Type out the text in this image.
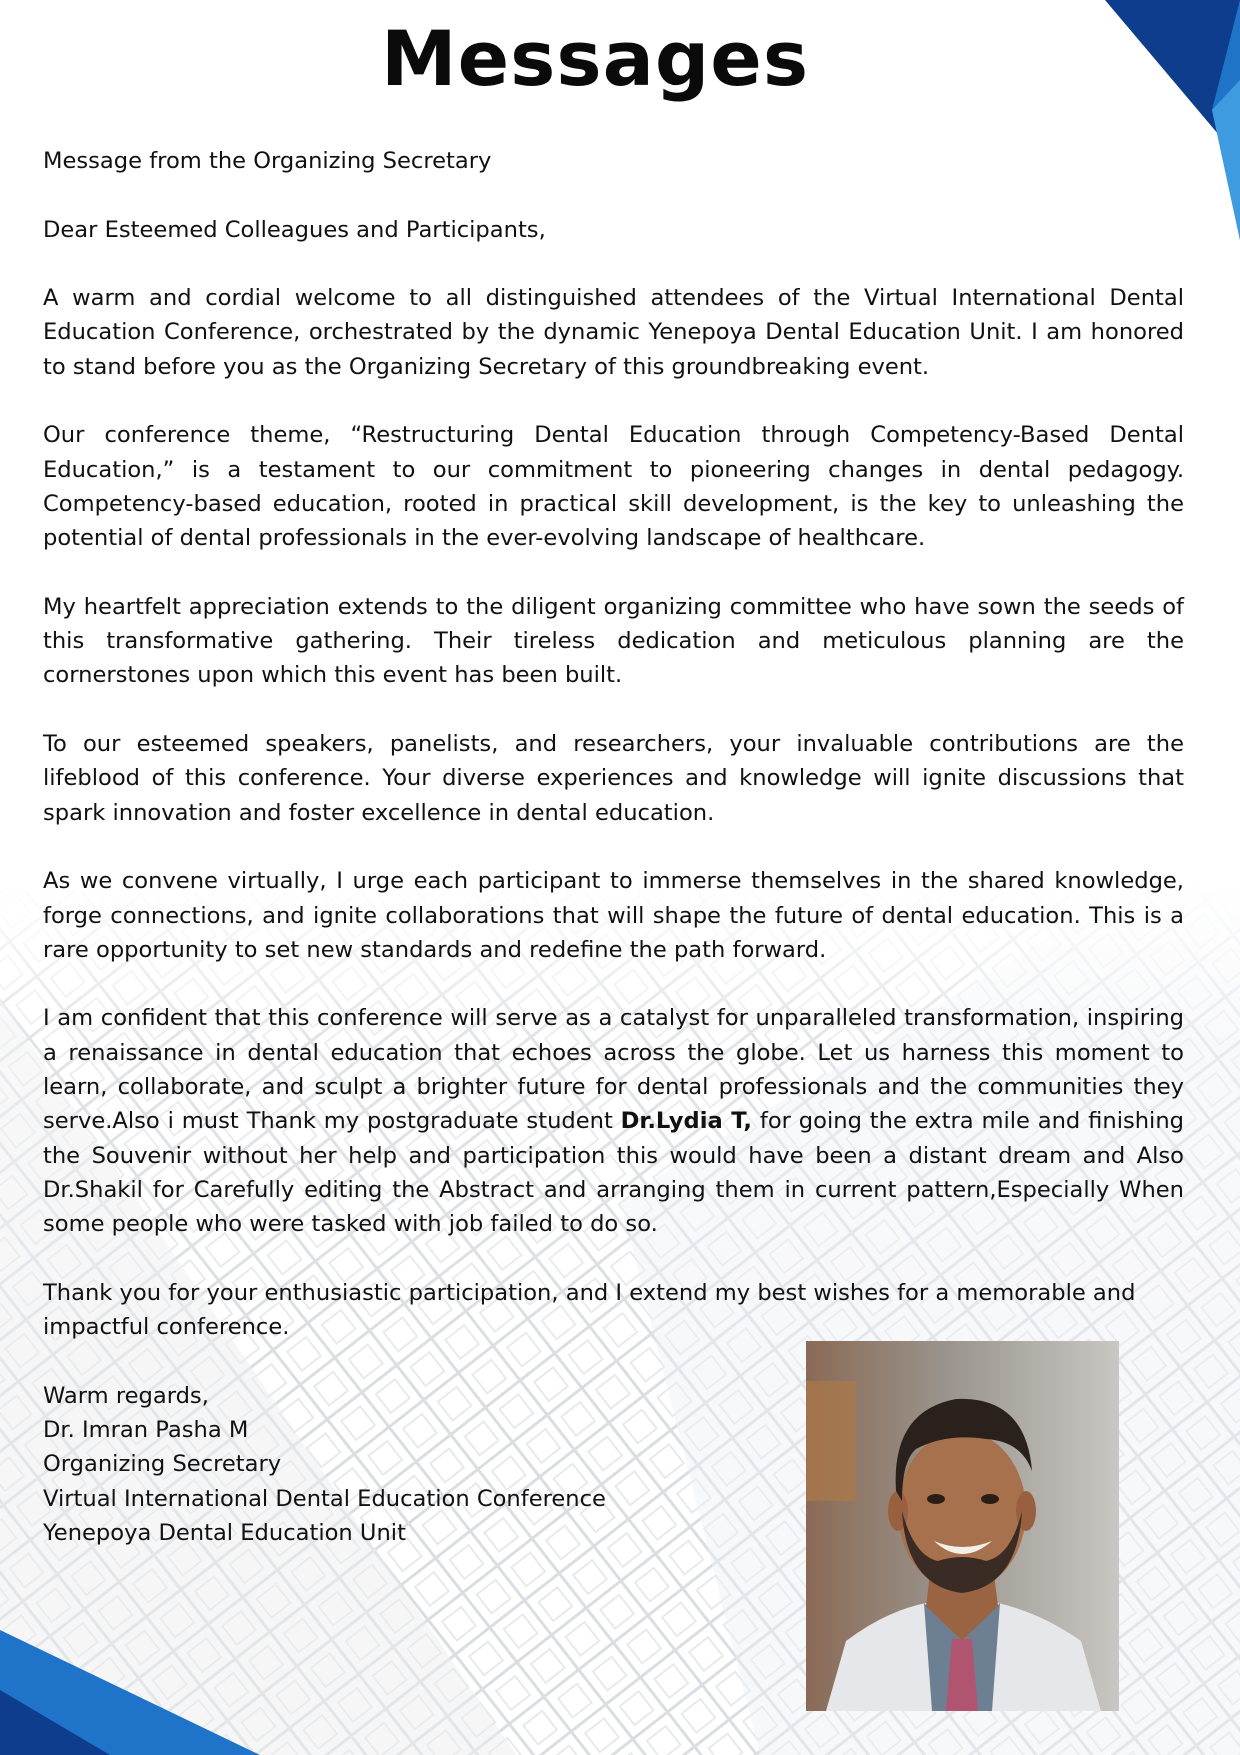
Messages

Message from the Organizing Secretary

Dear Esteemed Colleagues and Participants,

A warm and cordial welcome to all distinguished attendees of the Virtual International Dental Education Conference, orchestrated by the dynamic Yenepoya Dental Education Unit. I am honored to stand before you as the Organizing Secretary of this groundbreaking event.

Our conference theme, “Restructuring Dental Education through Competency-Based Dental Education,” is a testament to our commitment to pioneering changes in dental pedagogy. Competency-based education, rooted in practical skill development, is the key to unleashing the potential of dental professionals in the ever-evolving landscape of healthcare.

My heartfelt appreciation extends to the diligent organizing committee who have sown the seeds of this transformative gathering. Their tireless dedication and meticulous planning are the cornerstones upon which this event has been built.

To our esteemed speakers, panelists, and researchers, your invaluable contributions are the lifeblood of this conference. Your diverse experiences and knowledge will ignite discussions that spark innovation and foster excellence in dental education.

As we convene virtually, I urge each participant to immerse themselves in the shared knowledge, forge connections, and ignite collaborations that will shape the future of dental education. This is a rare opportunity to set new standards and redefine the path forward.

I am confident that this conference will serve as a catalyst for unparalleled transformation, inspiring a renaissance in dental education that echoes across the globe. Let us harness this moment to learn, collaborate, and sculpt a brighter future for dental professionals and the communities they serve.Also i must Thank my postgraduate student Dr.Lydia T, for going the extra mile and finishing the Souvenir without her help and participation this would have been a distant dream and Also Dr.Shakil for Carefully editing the Abstract and arranging them in current pattern,Especially When some people who were tasked with job failed to do so.

Thank you for your enthusiastic participation, and I extend my best wishes for a memorable and impactful conference.

Warm regards,
Dr. Imran Pasha M
Organizing Secretary
Virtual International Dental Education Conference
Yenepoya Dental Education Unit
